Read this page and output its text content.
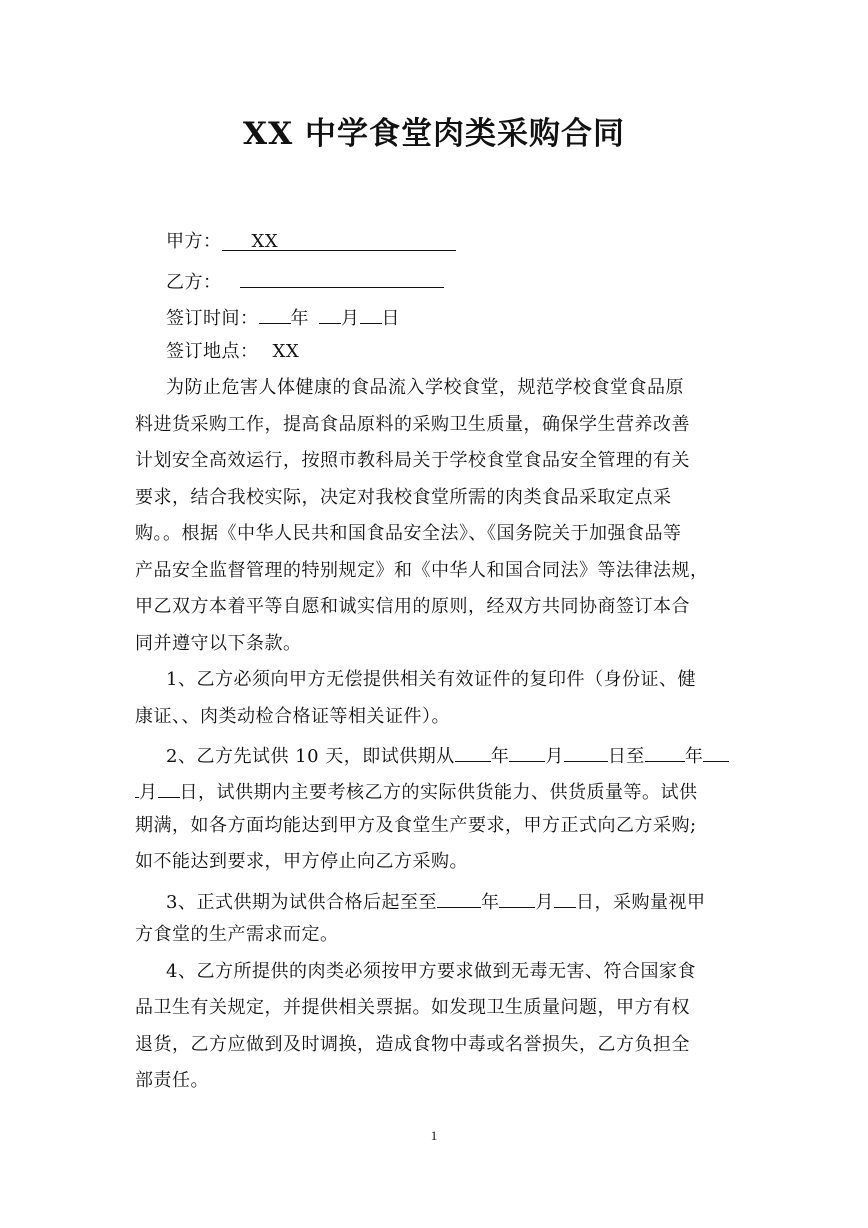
XX 中学食堂肉类采购合同
甲方： XX
乙方：
签订时间： 年 月 日
签订地点： XX
为防止危害人体健康的食品流入学校食堂，规范学校食堂食品原
料进货采购工作，提高食品原料的采购卫生质量，确保学生营养改善
计划安全高效运行，按照市教科局关于学校食堂食品安全管理的有关
要求，结合我校实际，决定对我校食堂所需的肉类食品采取定点采
购。。根据《中华人民共和国食品安全法》、《国务院关于加强食品等
产品安全监督管理的特别规定》和《中华人和国合同法》等法律法规，
甲乙双方本着平等自愿和诚实信用的原则，经双方共同协商签订本合
同并遵守以下条款。
1、乙方必须向甲方无偿提供相关有效证件的复印件（身份证、健
康证、、肉类动检合格证等相关证件）。
2、乙方先试供 10 天，即试供期从 年 月 日至 年
月 日，试供期内主要考核乙方的实际供货能力、供货质量等。试供
期满，如各方面均能达到甲方及食堂生产要求，甲方正式向乙方采购;
如不能达到要求，甲方停止向乙方采购。
3、正式供期为试供合格后起至至 年 月 日，采购量视甲
方食堂的生产需求而定。
4、乙方所提供的肉类必须按甲方要求做到无毒无害、符合国家食
品卫生有关规定，并提供相关票据。如发现卫生质量问题，甲方有权
退货，乙方应做到及时调换，造成食物中毒或名誉损失，乙方负担全
部责任。
1
